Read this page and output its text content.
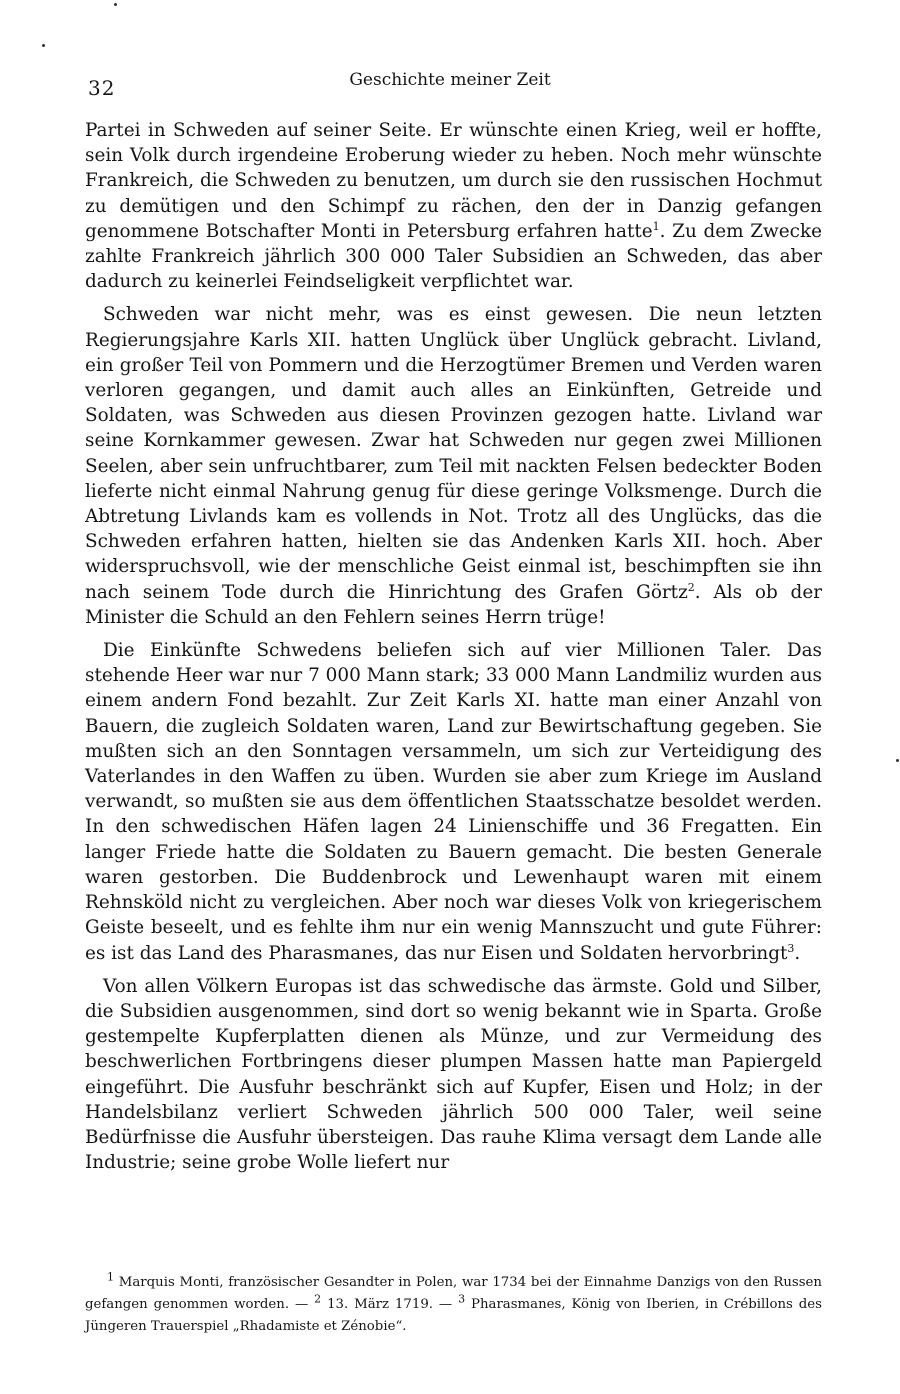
32	Geschichte meiner Zeit

Partei in Schweden auf seiner Seite. Er wünschte einen Krieg, weil er hoffte, sein Volk durch irgendeine Eroberung wieder zu heben. Noch mehr wünschte Frankreich, die Schweden zu benutzen, um durch sie den russischen Hochmut zu demütigen und den Schimpf zu rächen, den der in Danzig gefangen genommene Botschafter Monti in Petersburg erfahren hatte$^1$. Zu dem Zwecke zahlte Frankreich jährlich 300 000 Taler Subsidien an Schweden, das aber dadurch zu keinerlei Feindseligkeit verpflichtet war.

Schweden war nicht mehr, was es einst gewesen. Die neun letzten Regierungsjahre Karls XII. hatten Unglück über Unglück gebracht. Livland, ein großer Teil von Pommern und die Herzogtümer Bremen und Verden waren verloren gegangen, und damit auch alles an Einkünften, Getreide und Soldaten, was Schweden aus diesen Provinzen gezogen hatte. Livland war seine Kornkammer gewesen. Zwar hat Schweden nur gegen zwei Millionen Seelen, aber sein unfruchtbarer, zum Teil mit nackten Felsen bedeckter Boden lieferte nicht einmal Nahrung genug für diese geringe Volksmenge. Durch die Abtretung Livlands kam es vollends in Not. Trotz all des Unglücks, das die Schweden erfahren hatten, hielten sie das Andenken Karls XII. hoch. Aber widerspruchsvoll, wie der menschliche Geist einmal ist, beschimpften sie ihn nach seinem Tode durch die Hinrichtung des Grafen Görtz$^2$. Als ob der Minister die Schuld an den Fehlern seines Herrn trüge!

Die Einkünfte Schwedens beliefen sich auf vier Millionen Taler. Das stehende Heer war nur 7 000 Mann stark; 33 000 Mann Landmiliz wurden aus einem andern Fond bezahlt. Zur Zeit Karls XI. hatte man einer Anzahl von Bauern, die zugleich Soldaten waren, Land zur Bewirtschaftung gegeben. Sie mußten sich an den Sonntagen versammeln, um sich zur Verteidigung des Vaterlandes in den Waffen zu üben. Wurden sie aber zum Kriege im Ausland verwandt, so mußten sie aus dem öffentlichen Staatsschatze besoldet werden. In den schwedischen Häfen lagen 24 Linienschiffe und 36 Fregatten. Ein langer Friede hatte die Soldaten zu Bauern gemacht. Die besten Generale waren gestorben. Die Buddenbrock und Lewenhaupt waren mit einem Rehnsköld nicht zu vergleichen. Aber noch war dieses Volk von kriegerischem Geiste beseelt, und es fehlte ihm nur ein wenig Mannszucht und gute Führer: es ist das Land des Pharasmanes, das nur Eisen und Soldaten hervorbringt$^3$.

Von allen Völkern Europas ist das schwedische das ärmste. Gold und Silber, die Subsidien ausgenommen, sind dort so wenig bekannt wie in Sparta. Große gestempelte Kupferplatten dienen als Münze, und zur Vermeidung des beschwerlichen Fortbringens dieser plumpen Massen hatte man Papiergeld eingeführt. Die Ausfuhr beschränkt sich auf Kupfer, Eisen und Holz; in der Handelsbilanz verliert Schweden jährlich 500 000 Taler, weil seine Bedürfnisse die Ausfuhr übersteigen. Das rauhe Klima versagt dem Lande alle Industrie; seine grobe Wolle liefert nur

$^1$ Marquis Monti, französischer Gesandter in Polen, war 1734 bei der Einnahme Danzigs von den Russen gefangen genommen worden. — $^2$ 13. März 1719. — $^3$ Pharasmanes, König von Iberien, in Crébillons des Jüngeren Trauerspiel „Rhadamiste et Zénobie“.
